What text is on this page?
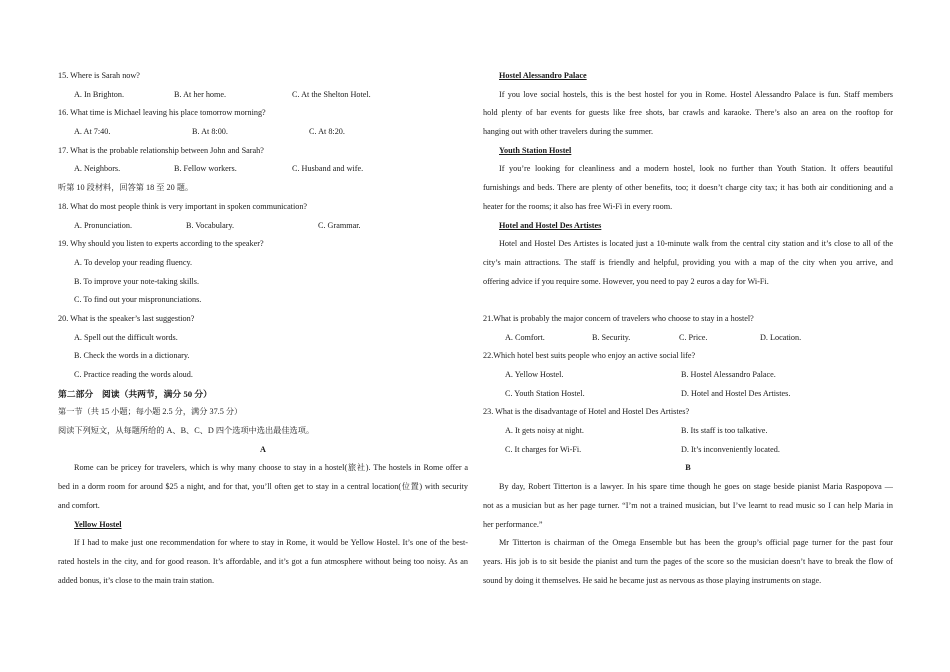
15. Where is Sarah now?
A. In Brighton.	B. At her home.	C. At the Shelton Hotel.
16. What time is Michael leaving his place tomorrow morning?
A. At 7:40.	B. At 8:00.	C. At 8:20.
17. What is the probable relationship between John and Sarah?
A. Neighbors.	B. Fellow workers.	C. Husband and wife.
听第 10 段材料，回答第 18 至 20 题。
18. What do most people think is very important in spoken communication?
A. Pronunciation.	B. Vocabulary.	C. Grammar.
19. Why should you listen to experts according to the speaker?
A. To develop your reading fluency.
B. To improve your note-taking skills.
C. To find out your mispronunciations.
20. What is the speaker’s last suggestion?
A. Spell out the difficult words.
B. Check the words in a dictionary.
C. Practice reading the words aloud.
第二部分　阅读（共两节，满分 50 分）
第一节（共 15 小题；每小题 2.5 分，满分 37.5 分）
阅读下列短文，从每题所给的 A、B、C、D 四个选项中选出最佳选项。
A
Rome can be pricey for travelers, which is why many choose to stay in a hostel(旅社). The hostels in Rome offer a
bed in a dorm room for around $25 a night, and for that, you’ll often get to stay in a central location(位置) with security
and comfort.
Yellow Hostel
If I had to make just one recommendation for where to stay in Rome, it would be Yellow Hostel. It’s one of the best-
rated hostels in the city, and for good reason. It’s affordable, and it’s got a fun atmosphere without being too noisy. As an
added bonus, it’s close to the main train station.
Hostel Alessandro Palace
If you love social hostels, this is the best hostel for you in Rome. Hostel Alessandro Palace is fun. Staff members
hold plenty of bar events for guests like free shots, bar crawls and karaoke. There’s also an area on the rooftop for
hanging out with other travelers during the summer.
Youth Station Hostel
If you’re looking for cleanliness and a modern hostel, look no further than Youth Station. It offers beautiful
furnishings and beds. There are plenty of other benefits, too; it doesn’t charge city tax; it has both air conditioning and a
heater for the rooms; it also has free Wi-Fi in every room.
Hotel and Hostel Des Artistes
Hotel and Hostel Des Artistes is located just a 10-minute walk from the central city station and it’s close to all of the
city’s main attractions. The staff is friendly and helpful, providing you with a map of the city when you arrive, and
offering advice if you require some. However, you need to pay 2 euros a day for Wi-Fi.
21.What is probably the major concern of travelers who choose to stay in a hostel?
A. Comfort.	B. Security.	C. Price.	D. Location.
22.Which hotel best suits people who enjoy an active social life?
A. Yellow Hostel.	B. Hostel Alessandro Palace.
C. Youth Station Hostel.	D. Hotel and Hostel Des Artistes.
23. What is the disadvantage of Hotel and Hostel Des Artistes?
A. It gets noisy at night.	B. Its staff is too talkative.
C. It charges for Wi-Fi.	D. It’s inconveniently located.
B
By day, Robert Titterton is a lawyer. In his spare time though he goes on stage beside pianist Maria Raspopova —
not as a musician but as her page turner. “I’m not a trained musician, but I’ve learnt to read music so I can help Maria in
her performance.”
Mr Titterton is chairman of the Omega Ensemble but has been the group’s official page turner for the past four
years. His job is to sit beside the pianist and turn the pages of the score so the musician doesn’t have to break the flow of
sound by doing it themselves. He said he became just as nervous as those playing instruments on stage.
